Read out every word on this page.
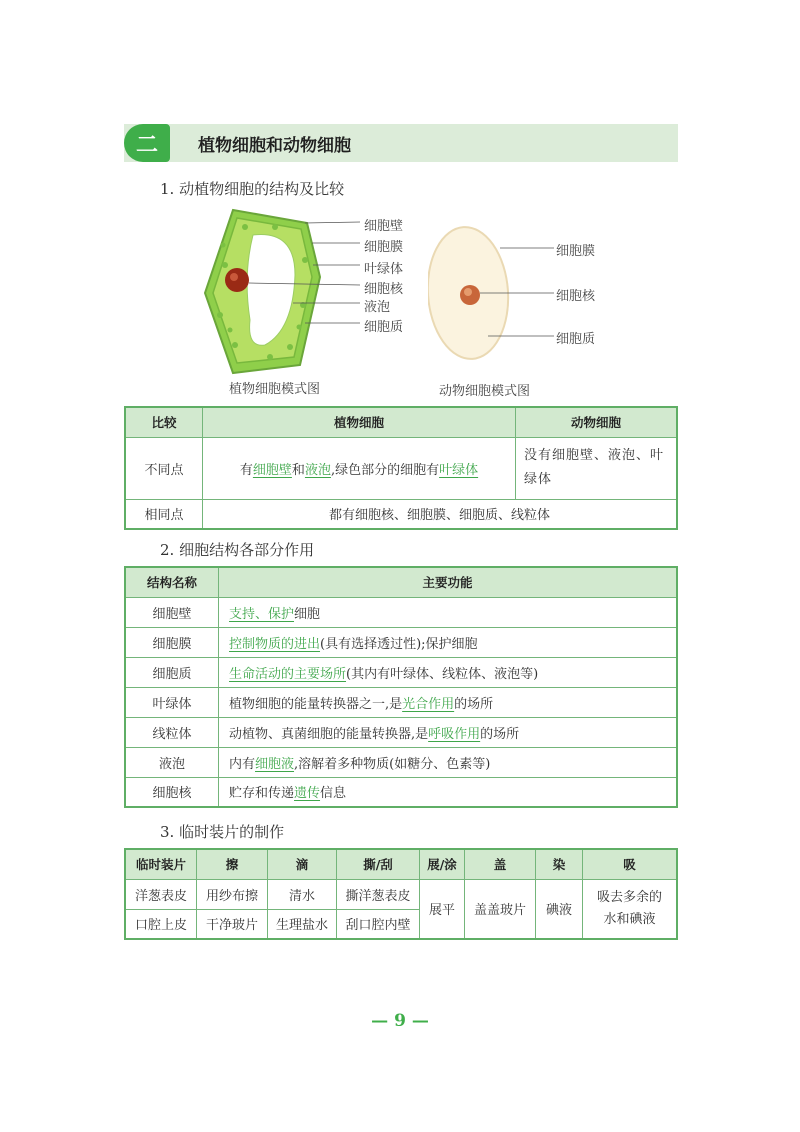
二	植物细胞和动物细胞
1. 动植物细胞的结构及比较
细胞壁
细胞膜
叶绿体
细胞核
液泡
细胞质
植物细胞模式图
细胞膜
细胞核
细胞质
动物细胞模式图
比较	植物细胞	动物细胞
不同点	有细胞壁和液泡,绿色部分的细胞有叶绿体	没有细胞壁、液泡、叶绿体
相同点	都有细胞核、细胞膜、细胞质、线粒体	
2. 细胞结构各部分作用
结构名称	主要功能
细胞壁	支持、保护细胞
细胞膜	控制物质的进出(具有选择透过性);保护细胞
细胞质	生命活动的主要场所(其内有叶绿体、线粒体、液泡等)
叶绿体	植物细胞的能量转换器之一,是光合作用的场所
线粒体	动植物、真菌细胞的能量转换器,是呼吸作用的场所
液泡	内有细胞液,溶解着多种物质(如糖分、色素等)
细胞核	贮存和传递遗传信息
3. 临时装片的制作
临时装片	擦	滴	撕/刮	展/涂	盖	染	吸
洋葱表皮	用纱布擦	清水	撕洋葱表皮	展平	盖盖玻片	碘液	吸去多余的水和碘液
口腔上皮	干净玻片	生理盐水	刮口腔内壁				
— 9 —
